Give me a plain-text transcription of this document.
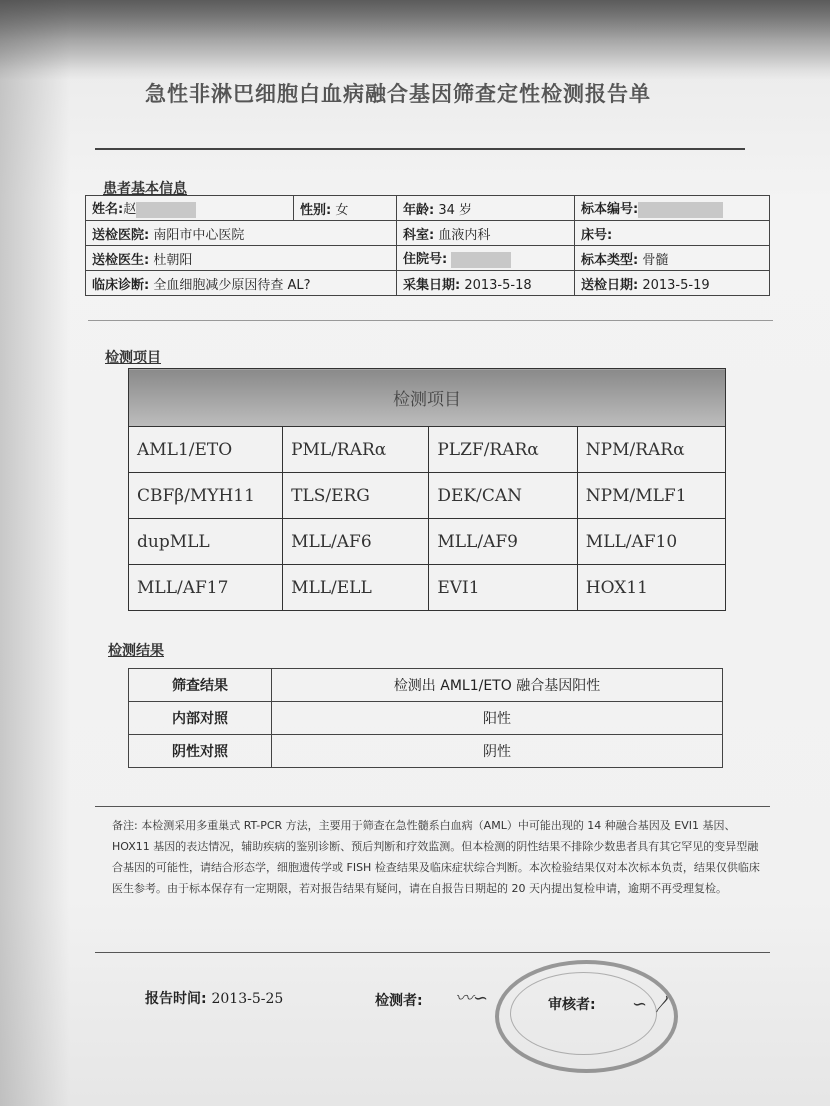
急性非淋巴细胞白血病融合基因筛查定性检测报告单
患者基本信息
姓名:赵	性别: 女	年龄: 34 岁	标本编号:
送检医院: 南阳市中心医院		科室: 血液内科	床号:
送检医生: 杜朝阳		住院号:	标本类型: 骨髓
临床诊断: 全血细胞减少原因待查 AL?		采集日期: 2013-5-18	送检日期: 2013-5-19
检测项目
检测项目			
AML1/ETO	PML/RARα	PLZF/RARα	NPM/RARα
CBFβ/MYH11	TLS/ERG	DEK/CAN	NPM/MLF1
dupMLL	MLL/AF6	MLL/AF9	MLL/AF10
MLL/AF17	MLL/ELL	EVI1	HOX11
检测结果
筛查结果	检测出 AML1/ETO 融合基因阳性
内部对照	阳性
阴性对照	阴性
备注: 本检测采用多重巢式 RT-PCR 方法，主要用于筛查在急性髓系白血病（AML）中可能出现的 14 种融合基因及 EVI1 基因、HOX11 基因的表达情况，辅助疾病的鉴别诊断、预后判断和疗效监测。但本检测的阴性结果不排除少数患者具有其它罕见的变异型融合基因的可能性，请结合形态学，细胞遗传学或 FISH 检查结果及临床症状综合判断。本次检验结果仅对本次标本负责，结果仅供临床医生参考。由于标本保存有一定期限，若对报告结果有疑问，请在自报告日期起的 20 天内提出复检申请，逾期不再受理复检。
报告时间: 2013-5-25	检测者: 〰︎∽	审核者: ∽ 〳
